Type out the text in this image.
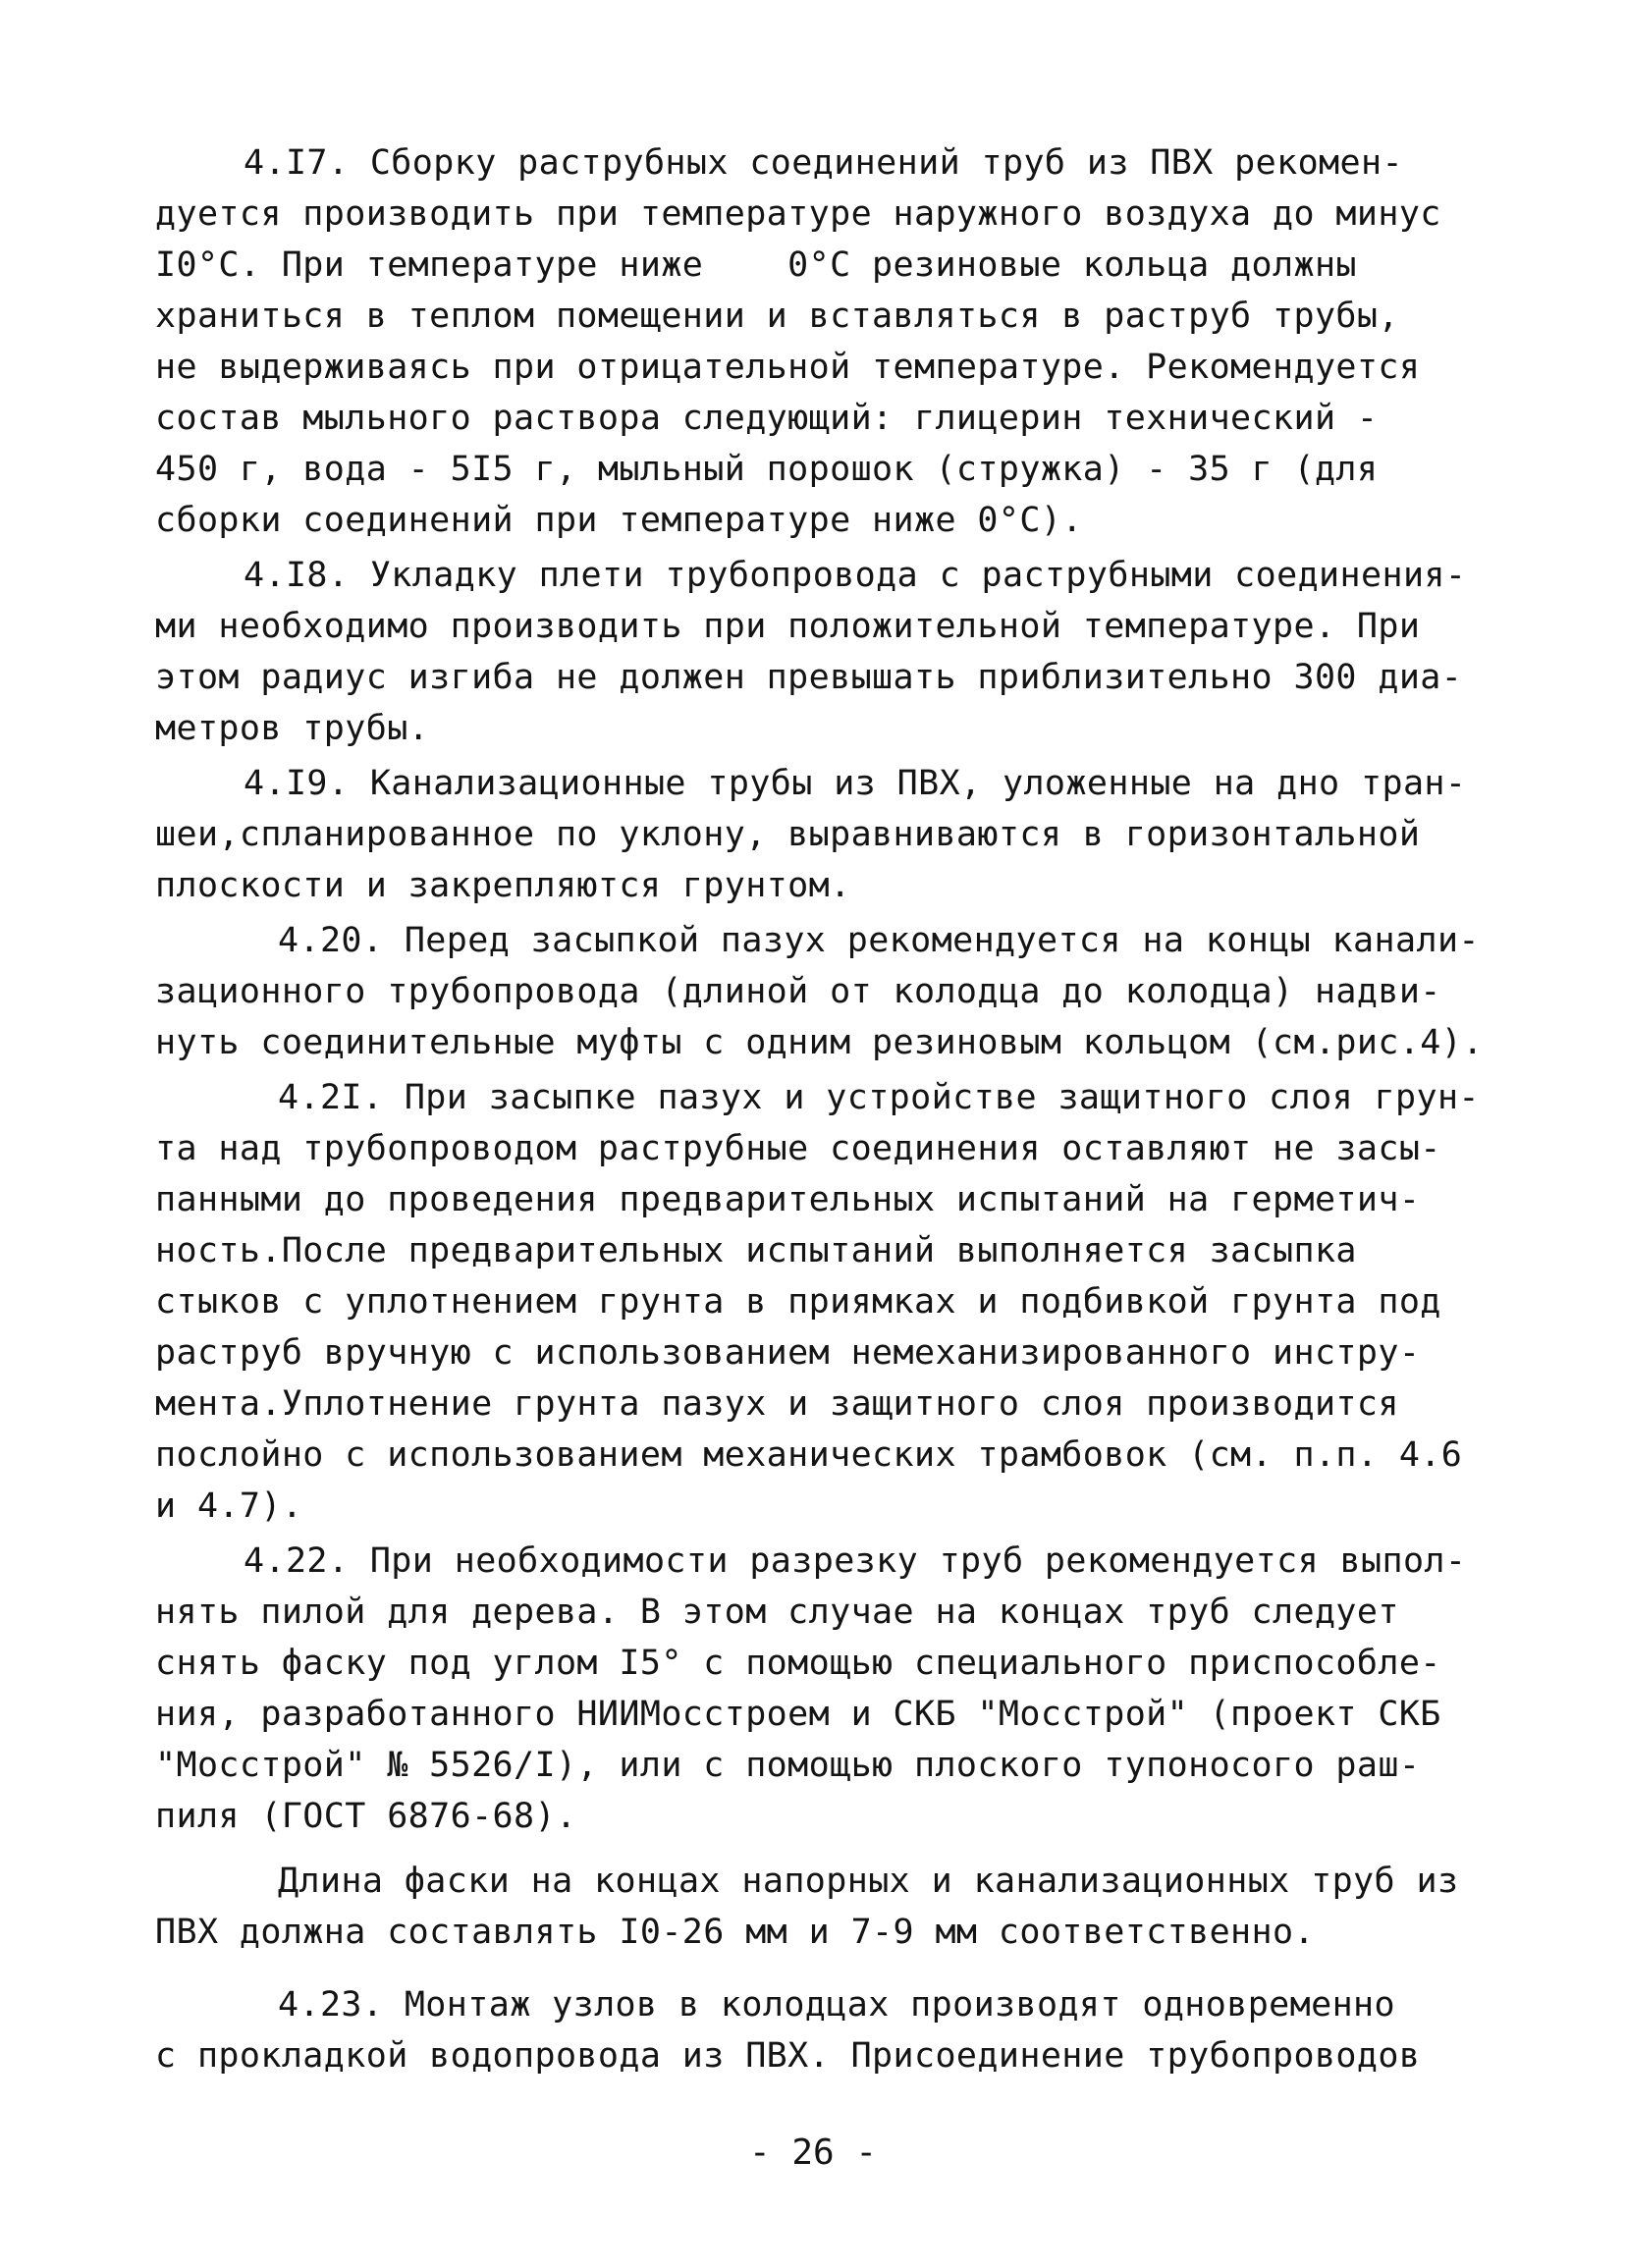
4.I7. Сборку раструбных соединений труб из ПВХ рекомен-
дуется производить при температуре наружного воздуха до минус
I0°C. При температуре ниже    0°C резиновые кольца должны
храниться в теплом помещении и вставляться в раструб трубы,
не выдерживаясь при отрицательной температуре. Рекомендуется
состав мыльного раствора следующий: глицерин технический -
450 г, вода - 5I5 г, мыльный порошок (стружка) - 35 г (для
сборки соединений при температуре ниже 0°C).
4.I8. Укладку плети трубопровода с раструбными соединения-
ми необходимо производить при положительной температуре. При
этом радиус изгиба не должен превышать приблизительно 300 диа-
метров трубы.
4.I9. Канализационные трубы из ПВХ, уложенные на дно тран-
шеи,спланированное по уклону, выравниваются в горизонтальной
плоскости и закрепляются грунтом.
4.20. Перед засыпкой пазух рекомендуется на концы канали-
зационного трубопровода (длиной от колодца до колодца) надви-
нуть соединительные муфты с одним резиновым кольцом (см.рис.4).
4.2I. При засыпке пазух и устройстве защитного слоя грун-
та над трубопроводом раструбные соединения оставляют не засы-
панными до проведения предварительных испытаний на герметич-
ность.После предварительных испытаний выполняется засыпка
стыков с уплотнением грунта в приямках и подбивкой грунта под
раструб вручную с использованием немеханизированного инстру-
мента.Уплотнение грунта пазух и защитного слоя производится
послойно с использованием механических трамбовок (см. п.п. 4.6
и 4.7).
4.22. При необходимости разрезку труб рекомендуется выпол-
нять пилой для дерева. В этом случае на концах труб следует
снять фаску под углом I5° с помощью специального приспособле-
ния, разработанного НИИМосстроем и СКБ "Мосстрой" (проект СКБ
"Мосстрой" № 5526/I), или с помощью плоского тупоносого раш-
пиля (ГОСТ 6876-68).
Длина фаски на концах напорных и канализационных труб из
ПВХ должна составлять I0-26 мм и 7-9 мм соответственно.
4.23. Монтаж узлов в колодцах производят одновременно
с прокладкой водопровода из ПВХ. Присоединение трубопроводов
- 26 -
